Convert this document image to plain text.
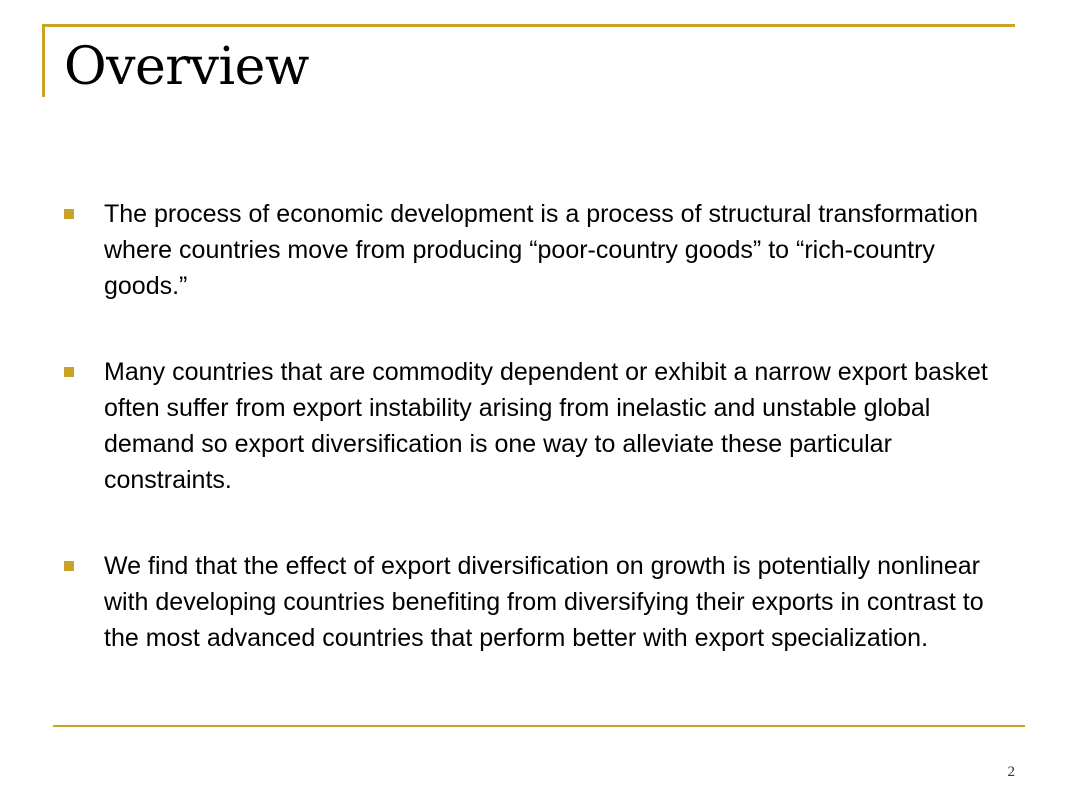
Overview
The process of economic development is a process of structural transformation where countries move from producing “poor-country goods” to “rich-country goods.”
Many countries that are commodity dependent or exhibit a narrow export basket often suffer from export instability arising from inelastic and unstable global demand so export diversification is one way to alleviate these particular constraints.
We find that the effect of export diversification on growth is potentially nonlinear with developing countries benefiting from diversifying their exports in contrast to the most advanced countries that perform better with export specialization.
2
